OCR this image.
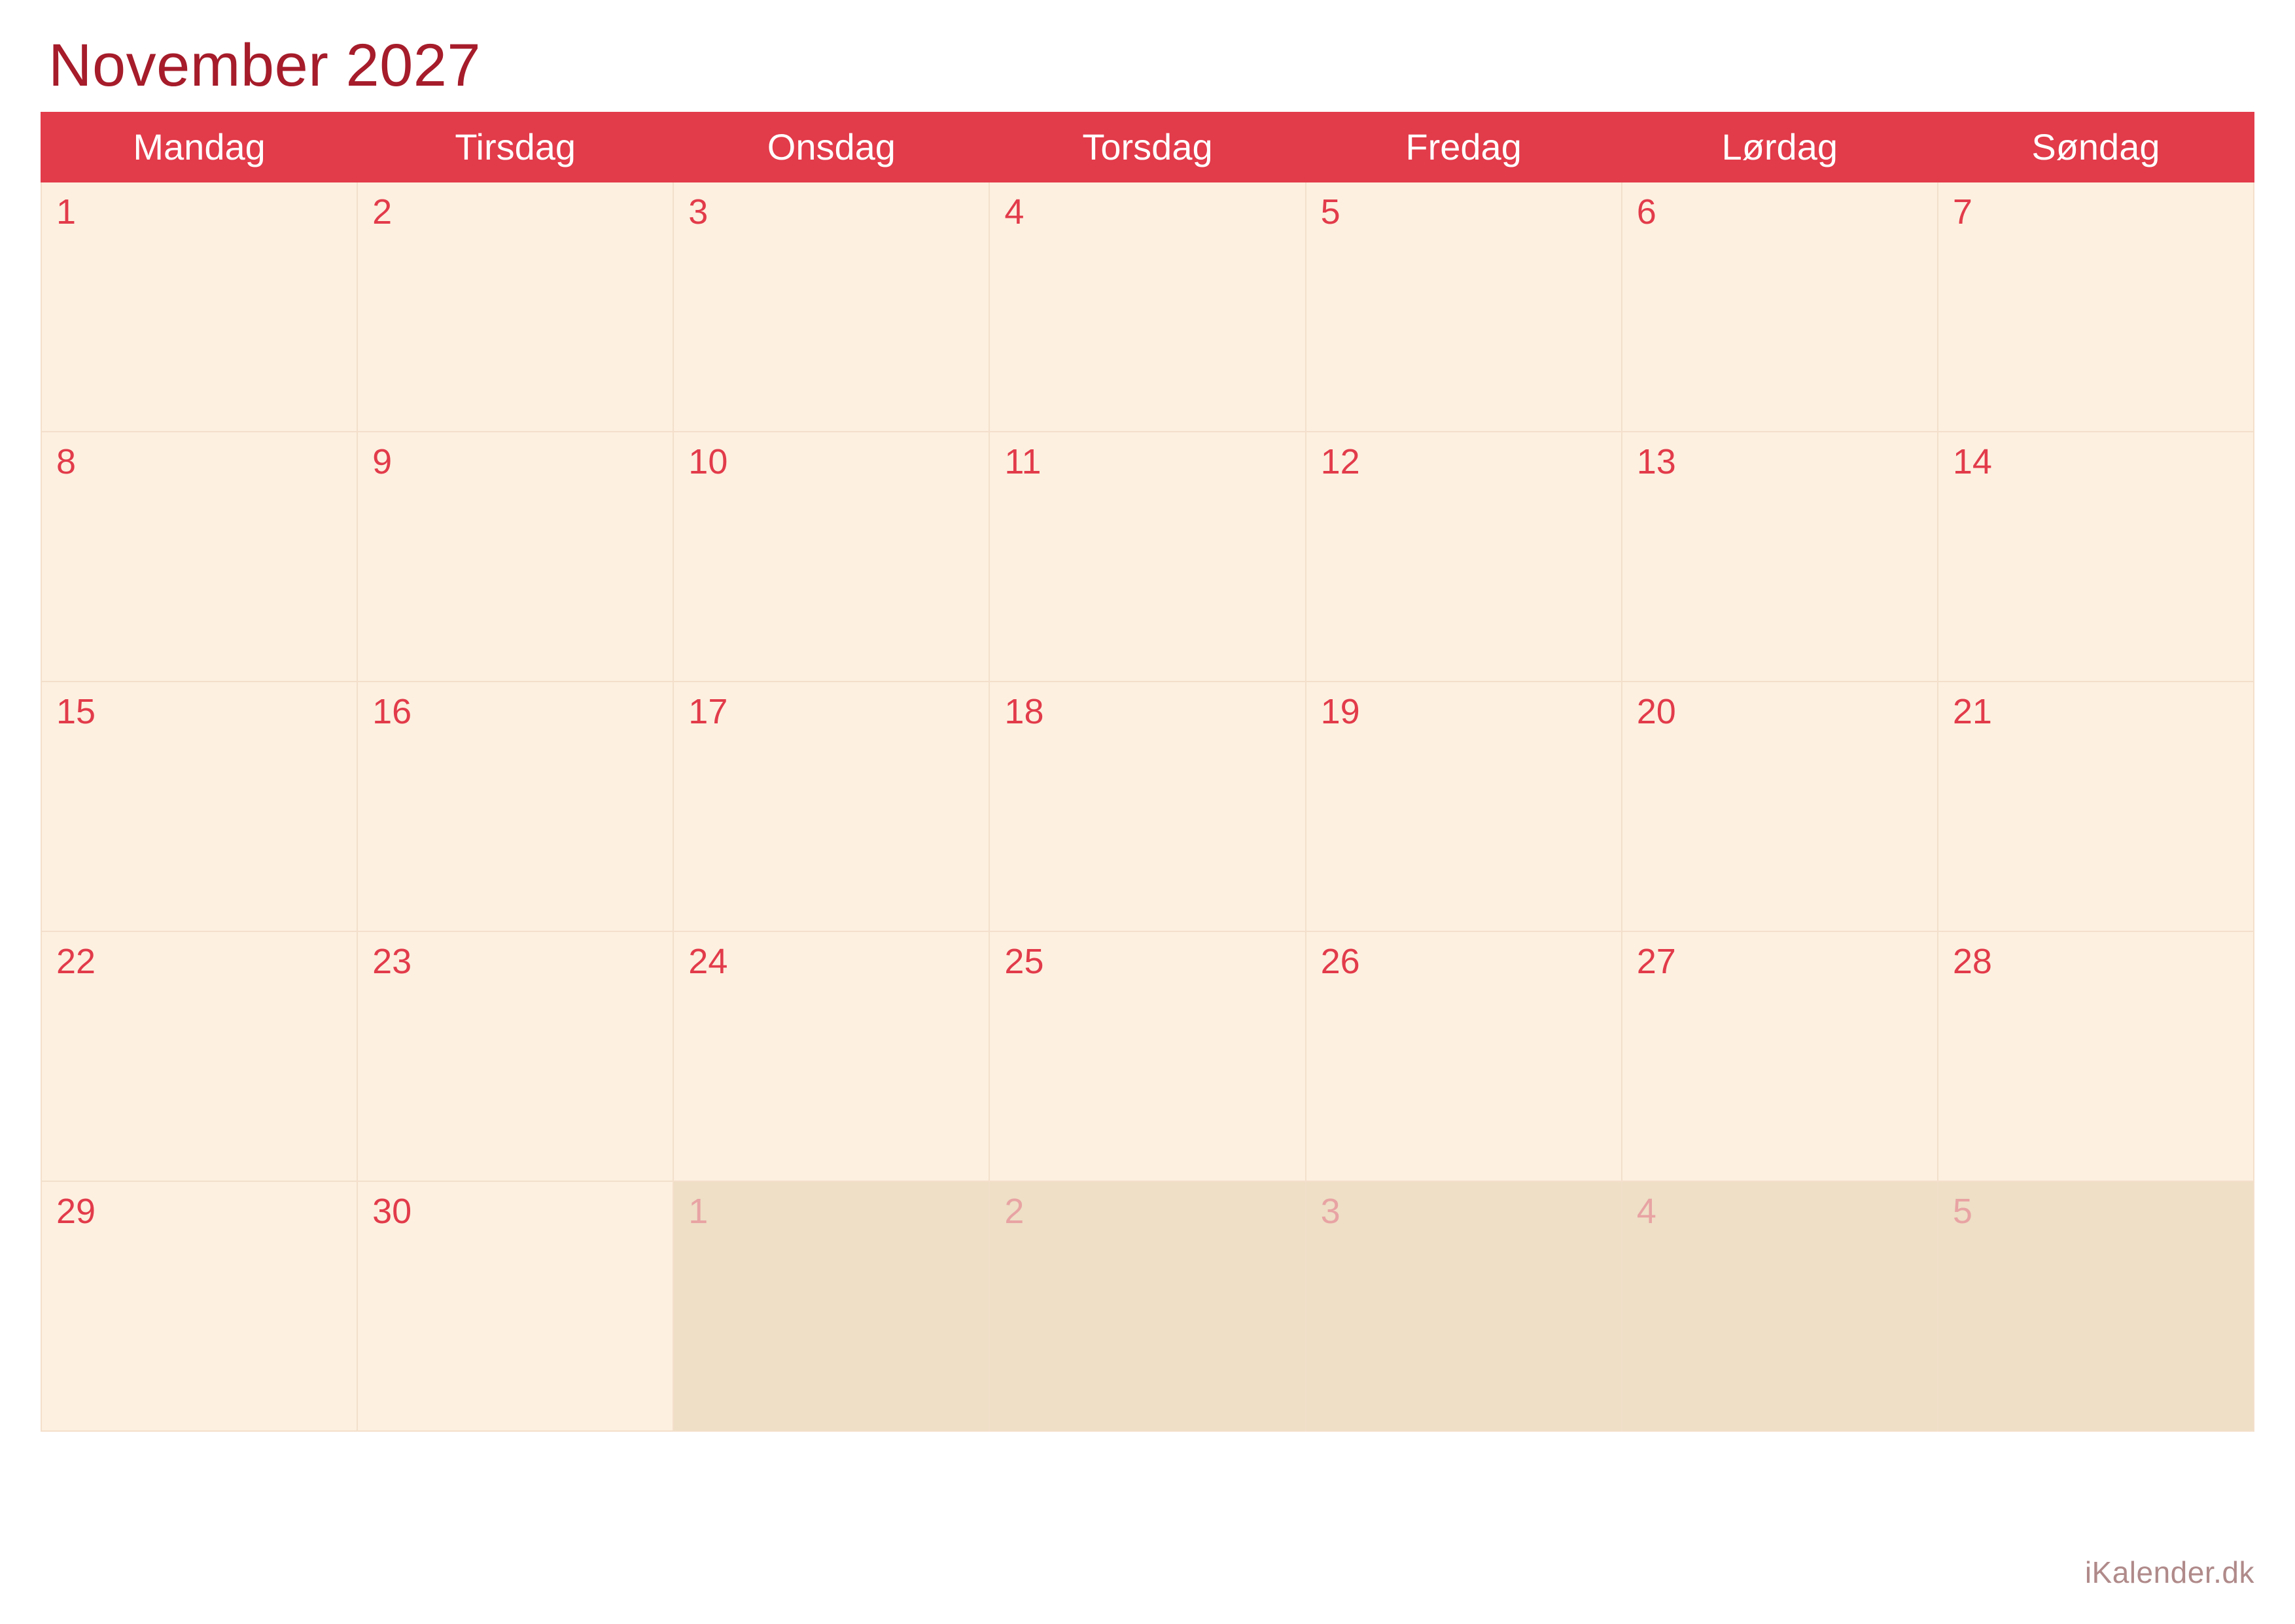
November 2027
Mandag	Tirsdag	Onsdag	Torsdag	Fredag	Lørdag	Søndag

1	2	3	4	5	6	7

8	9	10	11	12	13	14

15	16	17	18	19	20	21

22	23	24	25	26	27	28

29	30	1	2	3	4	5
iKalender.dk
